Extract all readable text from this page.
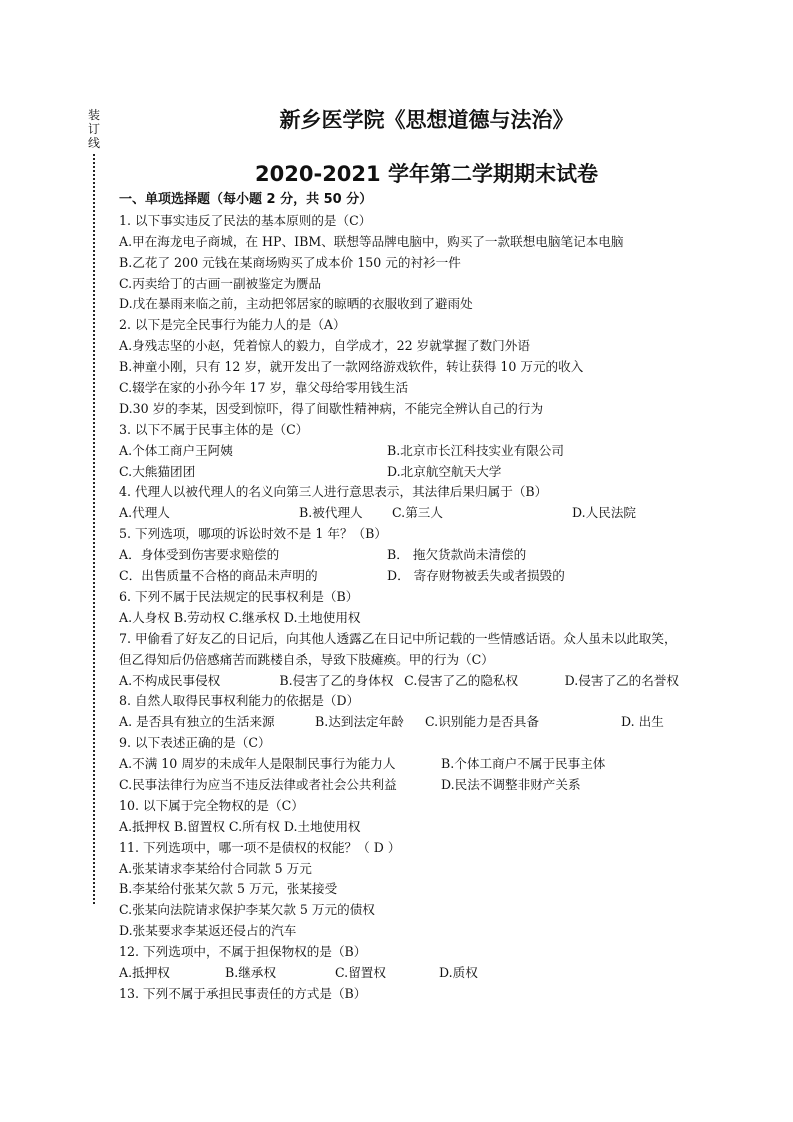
装订线
新乡医学院《思想道德与法治》
2020-2021 学年第二学期期末试卷
一、单项选择题（每小题 2 分，共 50 分）
1. 以下事实违反了民法的基本原则的是（C）
A.甲在海龙电子商城，在 HP、IBM、联想等品牌电脑中，购买了一款联想电脑笔记本电脑
B.乙花了 200 元钱在某商场购买了成本价 150 元的衬衫一件
C.丙卖给丁的古画一副被鉴定为赝品
D.戊在暴雨来临之前，主动把邻居家的晾晒的衣服收到了避雨处
2. 以下是完全民事行为能力人的是（A）
A.身残志坚的小赵，凭着惊人的毅力，自学成才，22 岁就掌握了数门外语
B.神童小刚，只有 12 岁，就开发出了一款网络游戏软件，转让获得 10 万元的收入
C.辍学在家的小孙今年 17 岁，靠父母给零用钱生活
D.30 岁的李某，因受到惊吓，得了间歇性精神病，不能完全辨认自己的行为
3. 以下不属于民事主体的是（C）
A.个体工商户王阿姨	B.北京市长江科技实业有限公司
C.大熊猫团团	D.北京航空航天大学
4. 代理人以被代理人的名义向第三人进行意思表示，其法律后果归属于（B）
A.代理人	B.被代理人	C.第三人	D.人民法院
5. 下列选项，哪项的诉讼时效不是 1 年？（B）
A．身体受到伤害要求赔偿的	B． 拖欠货款尚未清偿的
C．出售质量不合格的商品未声明的	D． 寄存财物被丢失或者损毁的
6. 下列不属于民法规定的民事权利是（B）
A.人身权 B.劳动权 C.继承权 D.土地使用权
7. 甲偷看了好友乙的日记后，向其他人透露乙在日记中所记载的一些情感话语。众人虽未以此取笑，但乙得知后仍倍感痛苦而跳楼自杀，导致下肢瘫痪。甲的行为（C）
A.不构成民事侵权	B.侵害了乙的身体权 C.侵害了乙的隐私权	D.侵害了乙的名誉权
8. 自然人取得民事权利能力的依据是（D）
A. 是否具有独立的生活来源	B.达到法定年龄	C.识别能力是否具备	D. 出生
9. 以下表述正确的是（C）
A.不满 10 周岁的未成年人是限制民事行为能力人	B.个体工商户不属于民事主体
C.民事法律行为应当不违反法律或者社会公共利益	D.民法不调整非财产关系
10. 以下属于完全物权的是（C）
A.抵押权 B.留置权 C.所有权 D.土地使用权
11. 下列选项中，哪一项不是债权的权能？（ D ）
A.张某请求李某给付合同款 5 万元
B.李某给付张某欠款 5 万元，张某接受
C.张某向法院请求保护李某欠款 5 万元的债权
D.张某要求李某返还侵占的汽车
12. 下列选项中，不属于担保物权的是（B）
A.抵押权	B.继承权	C.留置权	D.质权
13. 下列不属于承担民事责任的方式是（B）
